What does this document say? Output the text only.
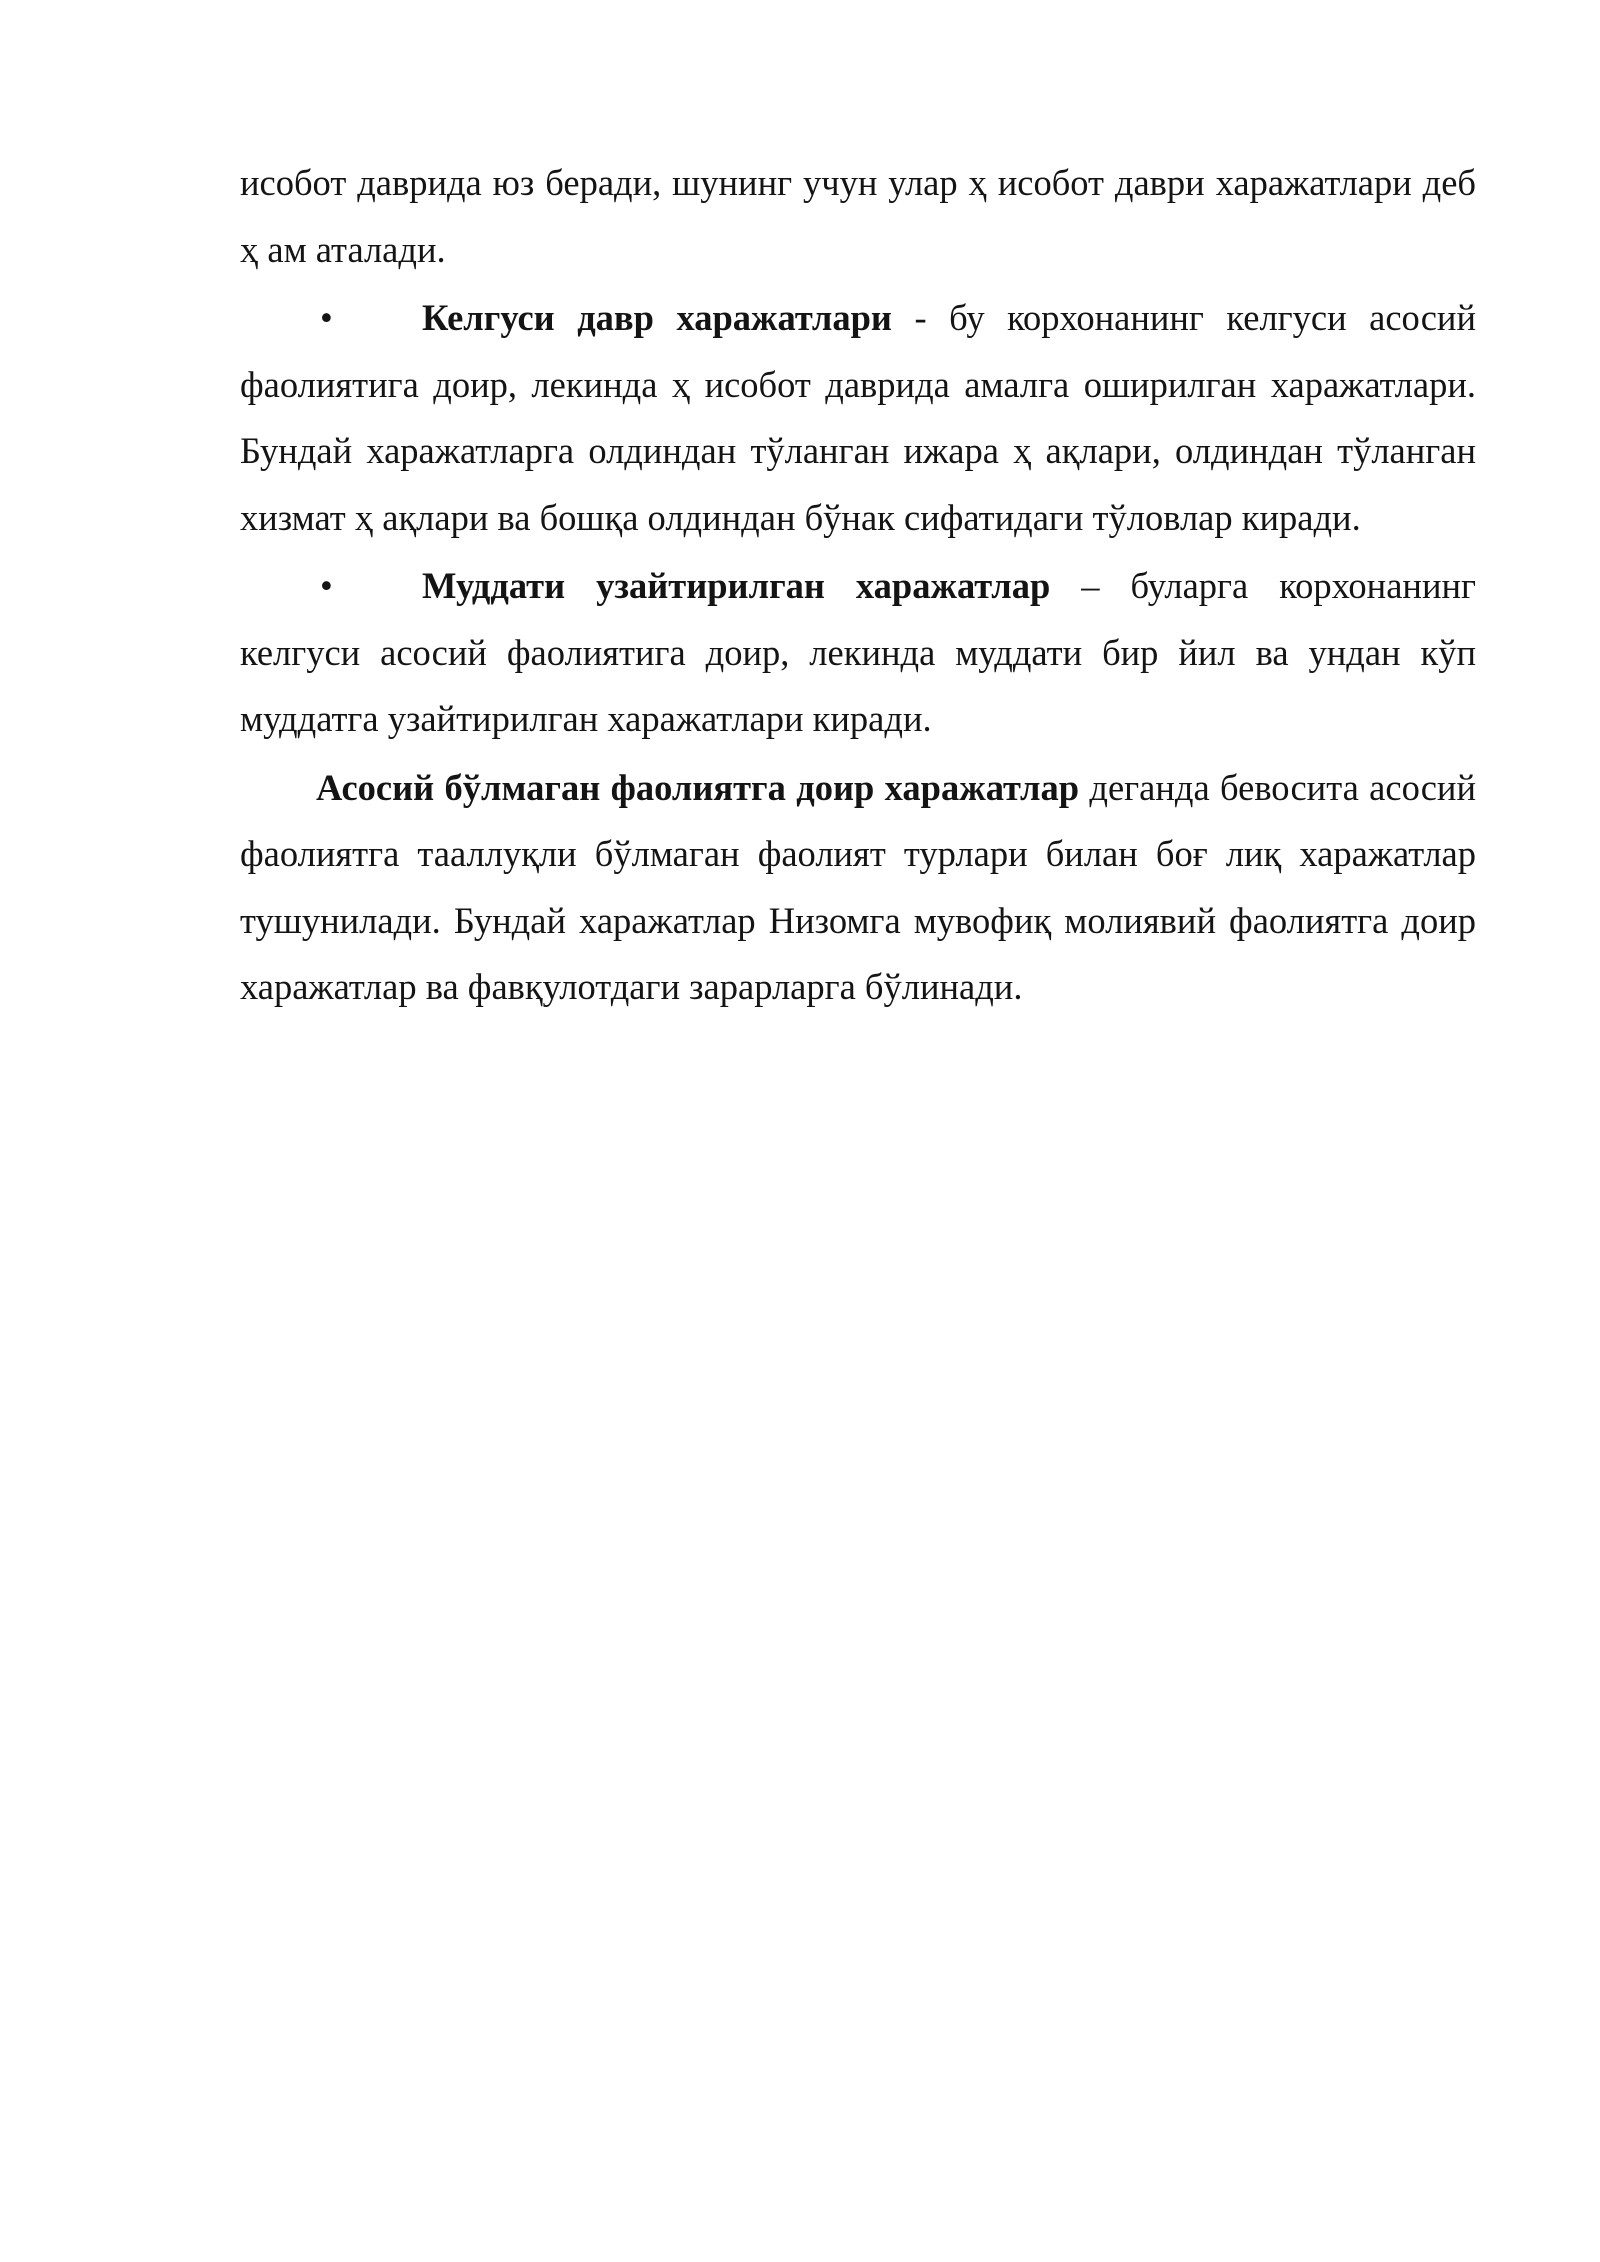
исобот даврида юз беради, шунинг учун улар ҳ исобот даври харажатлари деб ҳ ам аталади.

• Келгуси давр харажатлари - бу корхонанинг келгуси асосий фаолиятига доир, лекинда ҳ исобот даврида амалга оширилган харажатлари. Бундай харажатларга олдиндан тўланган ижара ҳ ақлари, олдиндан тўланган хизмат ҳ ақлари ва бошқа олдиндан бўнак сифатидаги тўловлар киради.

• Муддати узайтирилган харажатлар – буларга корхонанинг келгуси асосий фаолиятига доир, лекинда муддати бир йил ва ундан кўп муддатга узайтирилган харажатлари киради.

Асосий бўлмаган фаолиятга доир харажатлар деганда бевосита асосий фаолиятга тааллуқли бўлмаган фаолият турлари билан боғ лиқ харажатлар тушунилади. Бундай харажатлар Низомга мувофиқ молиявий фаолиятга доир харажатлар ва фавқулотдаги зарарларга бўлинади.
